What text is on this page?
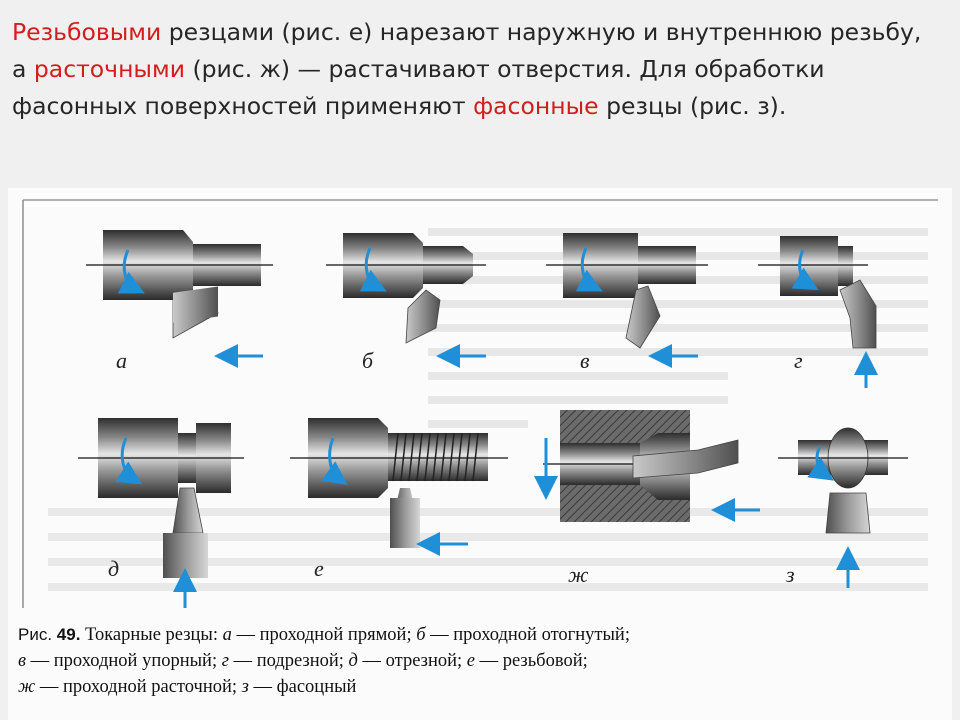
Резьбовыми резцами (рис. е) нарезают наружную и внутреннюю резьбу, а расточными (рис. ж) — растачивают отверстия. Для обработки фасонных поверхностей применяют фасонные резцы (рис. з).
а	б	в	г
д	е	ж	з
Рис. 49. Токарные резцы: а — проходной прямой; б — проходной отогнутый;
в — проходной упорный; г — подрезной; д — отрезной; е — резьбовой;
ж — проходной расточной; з — фасоцный
